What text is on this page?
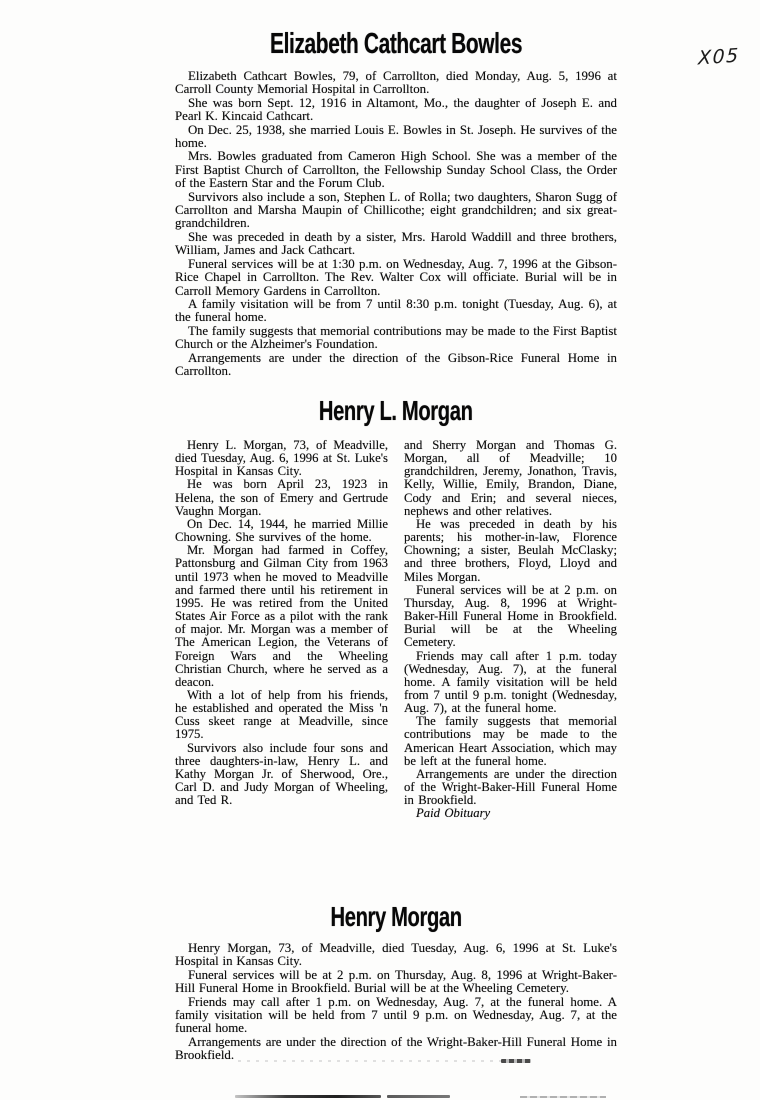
Elizabeth Cathcart Bowles

Elizabeth Cathcart Bowles, 79, of Carrollton, died Monday, Aug. 5, 1996 at Carroll County Memorial Hospital in Carrollton.

She was born Sept. 12, 1916 in Altamont, Mo., the daughter of Joseph E. and Pearl K. Kincaid Cathcart.

On Dec. 25, 1938, she married Louis E. Bowles in St. Joseph. He survives of the home.

Mrs. Bowles graduated from Cameron High School. She was a member of the First Baptist Church of Carrollton, the Fellowship Sunday School Class, the Order of the Eastern Star and the Forum Club.

Survivors also include a son, Stephen L. of Rolla; two daughters, Sharon Sugg of Carrollton and Marsha Maupin of Chillicothe; eight grandchildren; and six great-grandchildren.

She was preceded in death by a sister, Mrs. Harold Waddill and three brothers, William, James and Jack Cathcart.

Funeral services will be at 1:30 p.m. on Wednesday, Aug. 7, 1996 at the Gibson-Rice Chapel in Carrollton. The Rev. Walter Cox will officiate. Burial will be in Carroll Memory Gardens in Carrollton.

A family visitation will be from 7 until 8:30 p.m. tonight (Tuesday, Aug. 6), at the funeral home.

The family suggests that memorial contributions may be made to the First Baptist Church or the Alzheimer's Foundation.

Arrangements are under the direction of the Gibson-Rice Funeral Home in Carrollton.

Henry L. Morgan

Henry L. Morgan, 73, of Meadville, died Tuesday, Aug. 6, 1996 at St. Luke's Hospital in Kansas City.

He was born April 23, 1923 in Helena, the son of Emery and Gertrude Vaughn Morgan.

On Dec. 14, 1944, he married Millie Chowning. She survives of the home.

Mr. Morgan had farmed in Coffey, Pattonsburg and Gilman City from 1963 until 1973 when he moved to Meadville and farmed there until his retirement in 1995. He was retired from the United States Air Force as a pilot with the rank of major. Mr. Morgan was a member of The American Legion, the Veterans of Foreign Wars and the Wheeling Christian Church, where he served as a deacon.

With a lot of help from his friends, he established and operated the Miss 'n Cuss skeet range at Meadville, since 1975.

Survivors also include four sons and three daughters-in-law, Henry L. and Kathy Morgan Jr. of Sherwood, Ore., Carl D. and Judy Morgan of Wheeling, and Ted R.

and Sherry Morgan and Thomas G. Morgan, all of Meadville; 10 grandchildren, Jeremy, Jonathon, Travis, Kelly, Willie, Emily, Brandon, Diane, Cody and Erin; and several nieces, nephews and other relatives.

He was preceded in death by his parents; his mother-in-law, Florence Chowning; a sister, Beulah McClasky; and three brothers, Floyd, Lloyd and Miles Morgan.

Funeral services will be at 2 p.m. on Thursday, Aug. 8, 1996 at Wright-Baker-Hill Funeral Home in Brookfield. Burial will be at the Wheeling Cemetery.

Friends may call after 1 p.m. today (Wednesday, Aug. 7), at the funeral home. A family visitation will be held from 7 until 9 p.m. tonight (Wednesday, Aug. 7), at the funeral home.

The family suggests that memorial contributions may be made to the American Heart Association, which may be left at the funeral home.

Arrangements are under the direction of the Wright-Baker-Hill Funeral Home in Brookfield.

Paid Obituary

Henry Morgan

Henry Morgan, 73, of Meadville, died Tuesday, Aug. 6, 1996 at St. Luke's Hospital in Kansas City.

Funeral services will be at 2 p.m. on Thursday, Aug. 8, 1996 at Wright-Baker-Hill Funeral Home in Brookfield. Burial will be at the Wheeling Cemetery.

Friends may call after 1 p.m. on Wednesday, Aug. 7, at the funeral home. A family visitation will be held from 7 until 9 p.m. on Wednesday, Aug. 7, at the funeral home.

Arrangements are under the direction of the Wright-Baker-Hill Funeral Home in Brookfield.

X05
